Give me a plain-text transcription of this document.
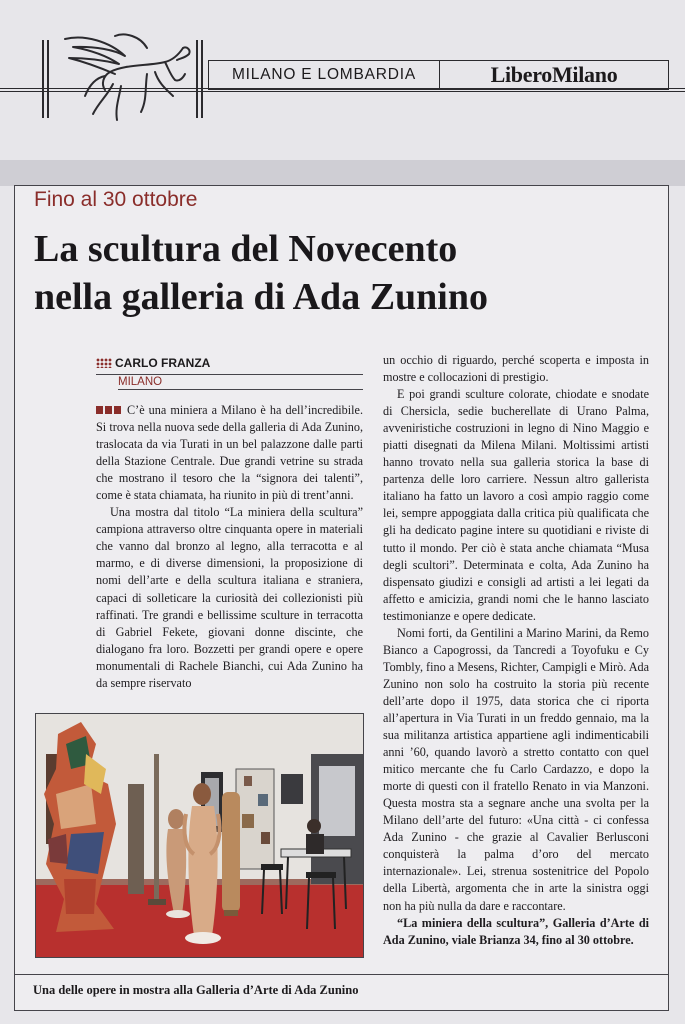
MILANO E LOMBARDIA	LiberoMilano
Fino al 30 ottobre
La scultura del Novecento
nella galleria di Ada Zunino
CARLO FRANZA
MILANO

C’è una miniera a Milano è ha dell’incredibile. Si trova nella nuova sede della galleria di Ada Zunino, traslocata da via Turati in un bel palazzone dalle parti della Stazione Centrale. Due grandi vetrine su strada che mostrano il tesoro che la “signora dei talenti”, come è stata chiamata, ha riunito in più di trent’anni.

Una mostra dal titolo “La miniera della scultura” campiona attraverso oltre cinquanta opere in materiali che vanno dal bronzo al legno, alla terracotta e al marmo, e di diverse dimensioni, la proposizione di nomi dell’arte e della scultura italiana e straniera, capaci di solleticare la curiosità dei collezionisti più raffinati. Tre grandi e bellissime sculture in terracotta di Gabriel Fekete, giovani donne discinte, che dialogano fra loro. Bozzetti per grandi opere e opere monumentali di Rachele Bianchi, cui Ada Zunino ha da sempre riservato

un occhio di riguardo, perché scoperta e imposta in mostre e collocazioni di prestigio.

E poi grandi sculture colorate, chiodate e snodate di Chersicla, sedie bucherellate di Urano Palma, avveniristiche costruzioni in legno di Nino Maggio e piatti disegnati da Milena Milani. Moltissimi artisti hanno trovato nella sua galleria storica la base di partenza delle loro carriere. Nessun altro gallerista italiano ha fatto un lavoro a così ampio raggio come lei, sempre appoggiata dalla critica più qualificata che gli ha dedicato pagine intere su quotidiani e riviste di tutto il mondo. Per ciò è stata anche chiamata “Musa degli scultori”. Determinata e colta, Ada Zunino ha dispensato giudizi e consigli ad artisti a lei legati da affetto e amicizia, grandi nomi che le hanno lasciato testimonianze e opere dedicate.

Nomi forti, da Gentilini a Marino Marini, da Remo Bianco a Capogrossi, da Tancredi a Toyofuku e Cy Tombly, fino a Mesens, Richter, Campigli e Mirò. Ada Zunino non solo ha costruito la storia più recente dell’arte dopo il 1975, data storica che ci riporta all’apertura in Via Turati in un freddo gennaio, ma la sua militanza artistica appartiene agli indimenticabili anni ’60, quando lavorò a stretto contatto con quel mitico mercante che fu Carlo Cardazzo, e dopo la morte di questi con il fratello Renato in via Manzoni. Questa mostra sta a segnare anche una svolta per la Milano dell’arte del futuro: «Una città - ci confessa Ada Zunino - che grazie al Cavalier Berlusconi conquisterà la palma d’oro del mercato internazionale». Lei, strenua sostenitrice del Popolo della Libertà, argomenta che in arte la sinistra oggi non ha più nulla da dare e raccontare.

“La miniera della scultura”, Galleria d’Arte di Ada Zunino, viale Brianza 34, fino al 30 ottobre.

Una delle opere in mostra alla Galleria d’Arte di Ada Zunino
